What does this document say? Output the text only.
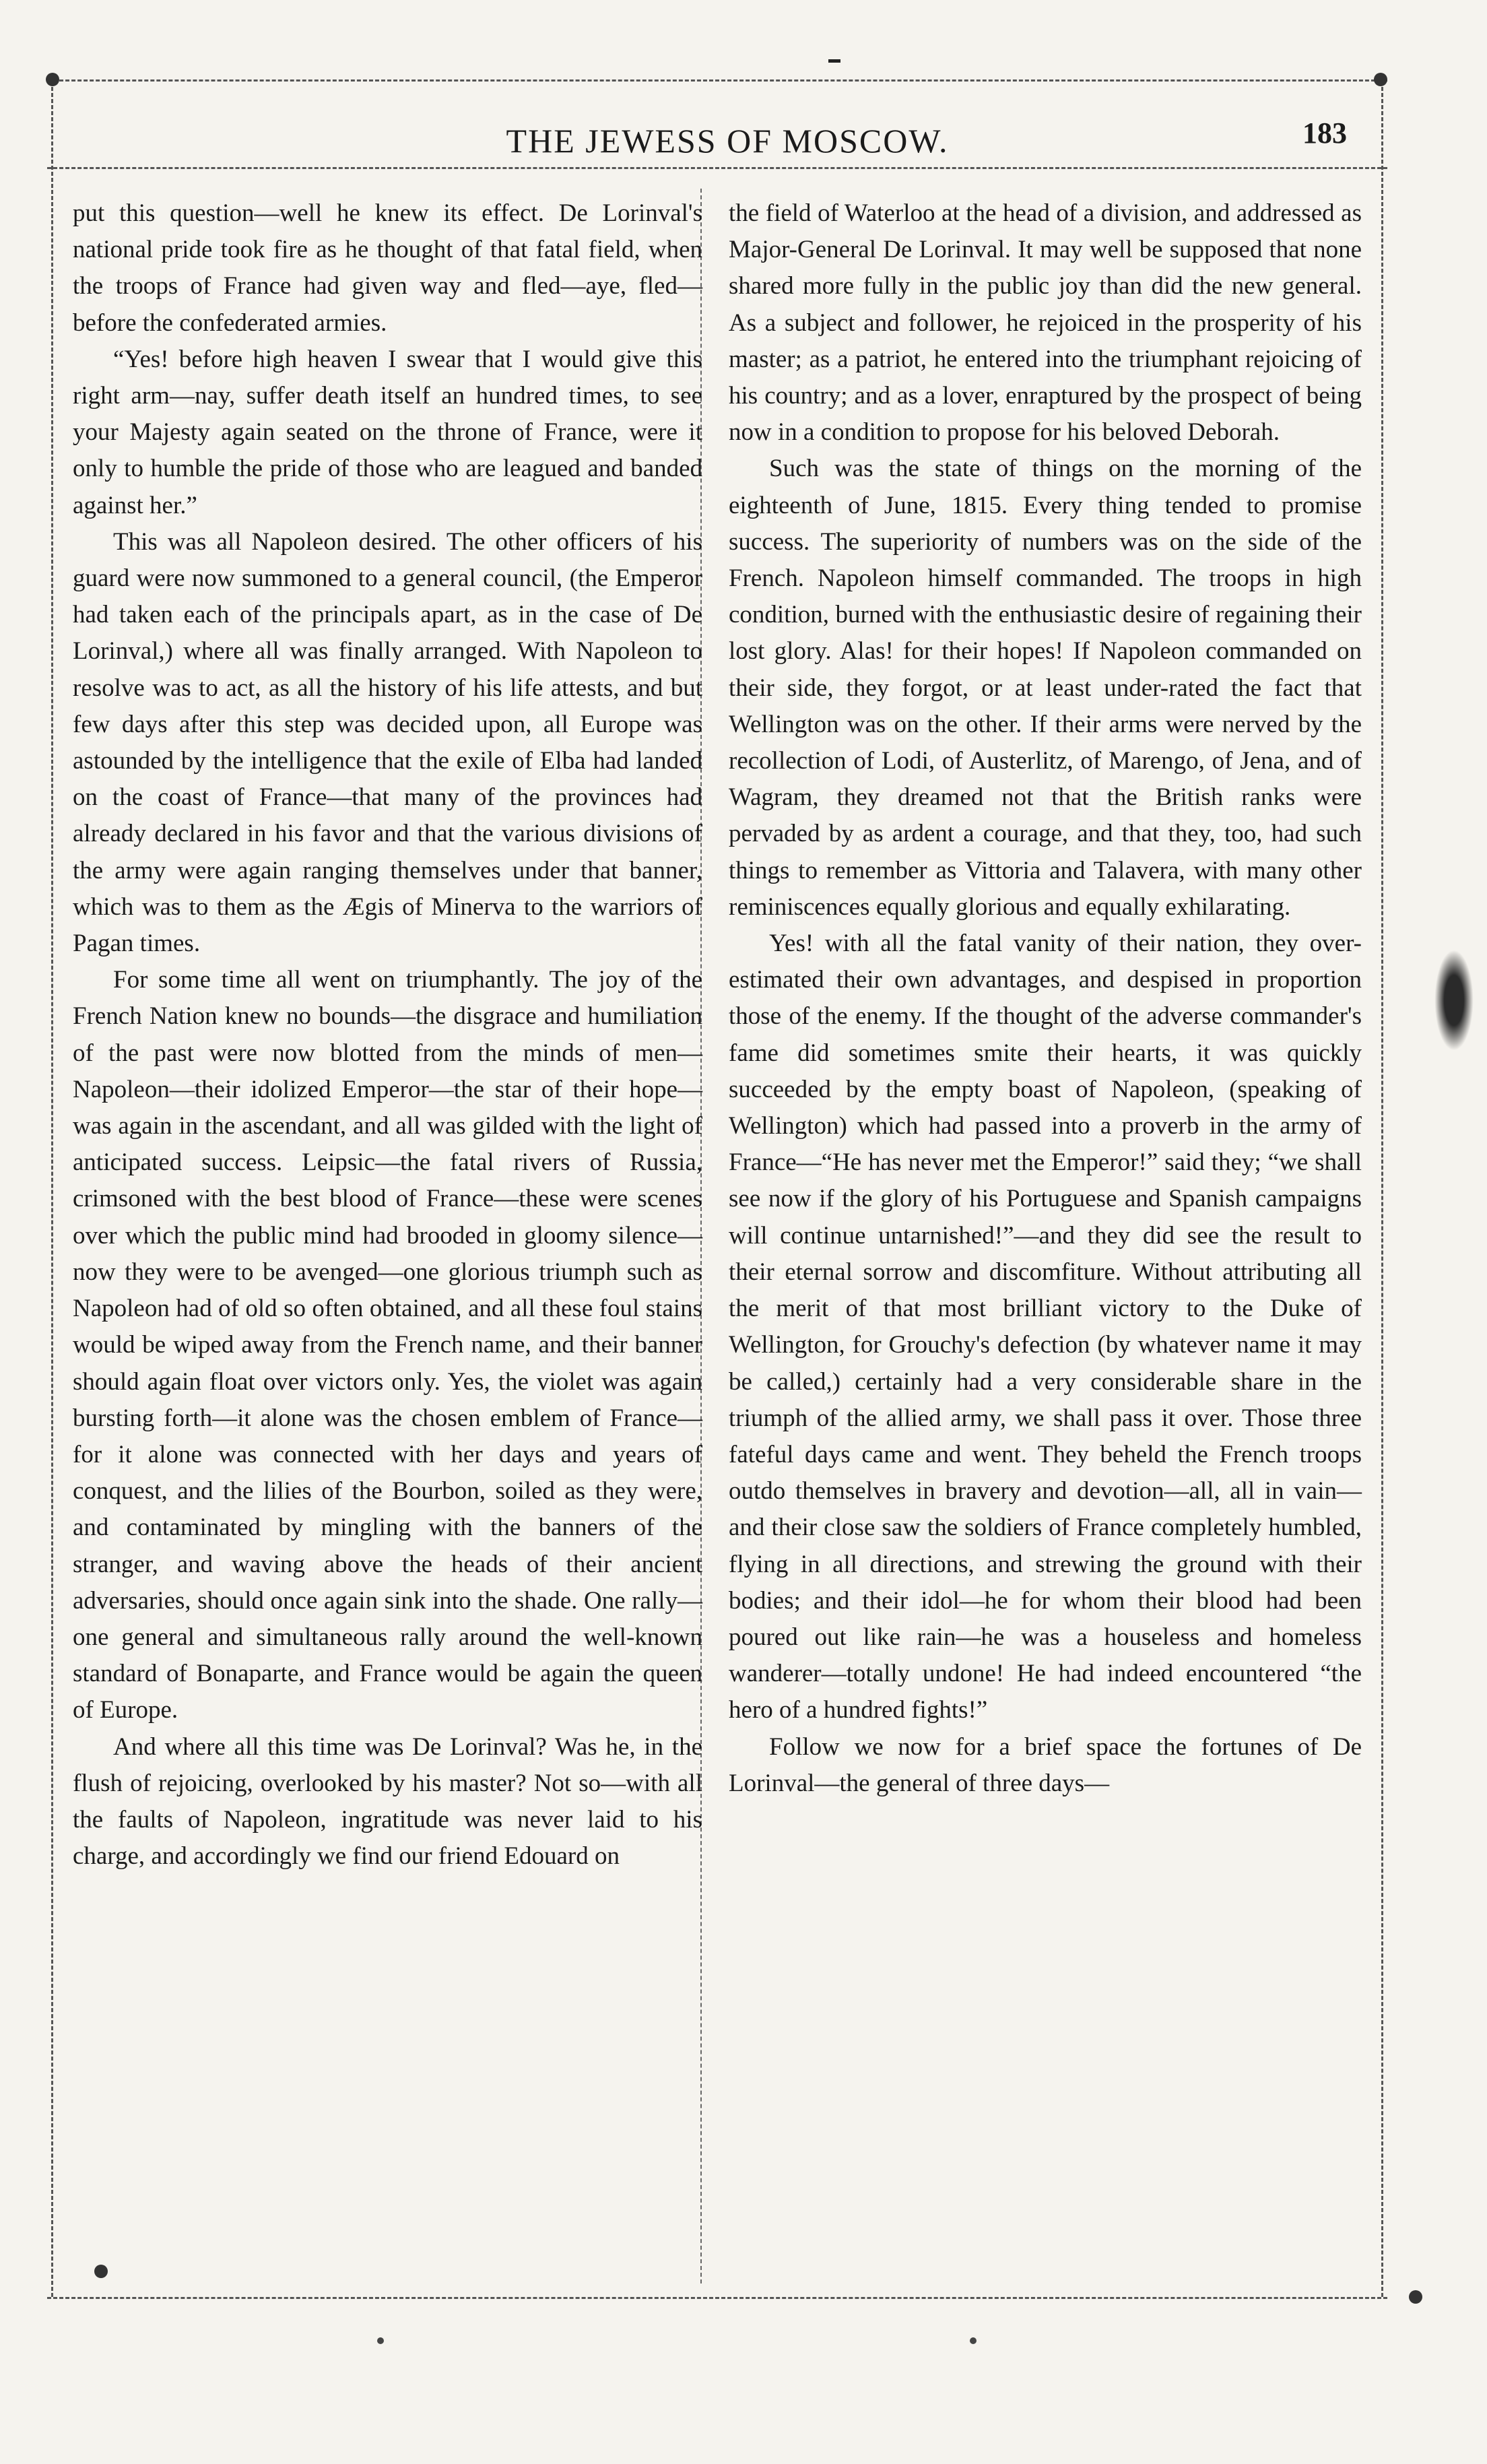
THE JEWESS OF MOSCOW.	183

put this question—well he knew its effect. De Lorinval's national pride took fire as he thought of that fatal field, when the troops of France had given way and fled—aye, fled—before the confederated armies.

“Yes! before high heaven I swear that I would give this right arm—nay, suffer death itself an hundred times, to see your Majesty again seated on the throne of France, were it only to humble the pride of those who are leagued and banded against her.”

This was all Napoleon desired. The other officers of his guard were now summoned to a general council, (the Emperor had taken each of the principals apart, as in the case of De Lorinval,) where all was finally arranged. With Napoleon to resolve was to act, as all the history of his life attests, and but few days after this step was decided upon, all Europe was astounded by the intelligence that the exile of Elba had landed on the coast of France—that many of the provinces had already declared in his favor and that the various divisions of the army were again ranging themselves under that banner, which was to them as the Ægis of Minerva to the warriors of Pagan times.

For some time all went on triumphantly. The joy of the French Nation knew no bounds—the disgrace and humiliation of the past were now blotted from the minds of men—Napoleon—their idolized Emperor—the star of their hope—was again in the ascendant, and all was gilded with the light of anticipated success. Leipsic—the fatal rivers of Russia, crimsoned with the best blood of France—these were scenes over which the public mind had brooded in gloomy silence—now they were to be avenged—one glorious triumph such as Napoleon had of old so often obtained, and all these foul stains would be wiped away from the French name, and their banner should again float over victors only. Yes, the violet was again bursting forth—it alone was the chosen emblem of France—for it alone was connected with her days and years of conquest, and the lilies of the Bourbon, soiled as they were, and contaminated by mingling with the banners of the stranger, and waving above the heads of their ancient adversaries, should once again sink into the shade. One rally—one general and simultaneous rally around the well-known standard of Bonaparte, and France would be again the queen of Europe.

And where all this time was De Lorinval? Was he, in the flush of rejoicing, overlooked by his master? Not so—with all the faults of Napoleon, ingratitude was never laid to his charge, and accordingly we find our friend Edouard on

the field of Waterloo at the head of a division, and addressed as Major-General De Lorinval. It may well be supposed that none shared more fully in the public joy than did the new general. As a subject and follower, he rejoiced in the prosperity of his master; as a patriot, he entered into the triumphant rejoicing of his country; and as a lover, enraptured by the prospect of being now in a condition to propose for his beloved Deborah.

Such was the state of things on the morning of the eighteenth of June, 1815. Every thing tended to promise success. The superiority of numbers was on the side of the French. Napoleon himself commanded. The troops in high condition, burned with the enthusiastic desire of regaining their lost glory. Alas! for their hopes! If Napoleon commanded on their side, they forgot, or at least under-rated the fact that Wellington was on the other. If their arms were nerved by the recollection of Lodi, of Austerlitz, of Marengo, of Jena, and of Wagram, they dreamed not that the British ranks were pervaded by as ardent a courage, and that they, too, had such things to remember as Vittoria and Talavera, with many other reminiscences equally glorious and equally exhilarating.

Yes! with all the fatal vanity of their nation, they over-estimated their own advantages, and despised in proportion those of the enemy. If the thought of the adverse commander's fame did sometimes smite their hearts, it was quickly succeeded by the empty boast of Napoleon, (speaking of Wellington) which had passed into a proverb in the army of France—“He has never met the Emperor!” said they; “we shall see now if the glory of his Portuguese and Spanish campaigns will continue untarnished!”—and they did see the result to their eternal sorrow and discomfiture. Without attributing all the merit of that most brilliant victory to the Duke of Wellington, for Grouchy's defection (by whatever name it may be called,) certainly had a very considerable share in the triumph of the allied army, we shall pass it over. Those three fateful days came and went. They beheld the French troops outdo themselves in bravery and devotion—all, all in vain—and their close saw the soldiers of France completely humbled, flying in all directions, and strewing the ground with their bodies; and their idol—he for whom their blood had been poured out like rain—he was a houseless and homeless wanderer—totally undone! He had indeed encountered “the hero of a hundred fights!”

Follow we now for a brief space the fortunes of De Lorinval—the general of three days—
